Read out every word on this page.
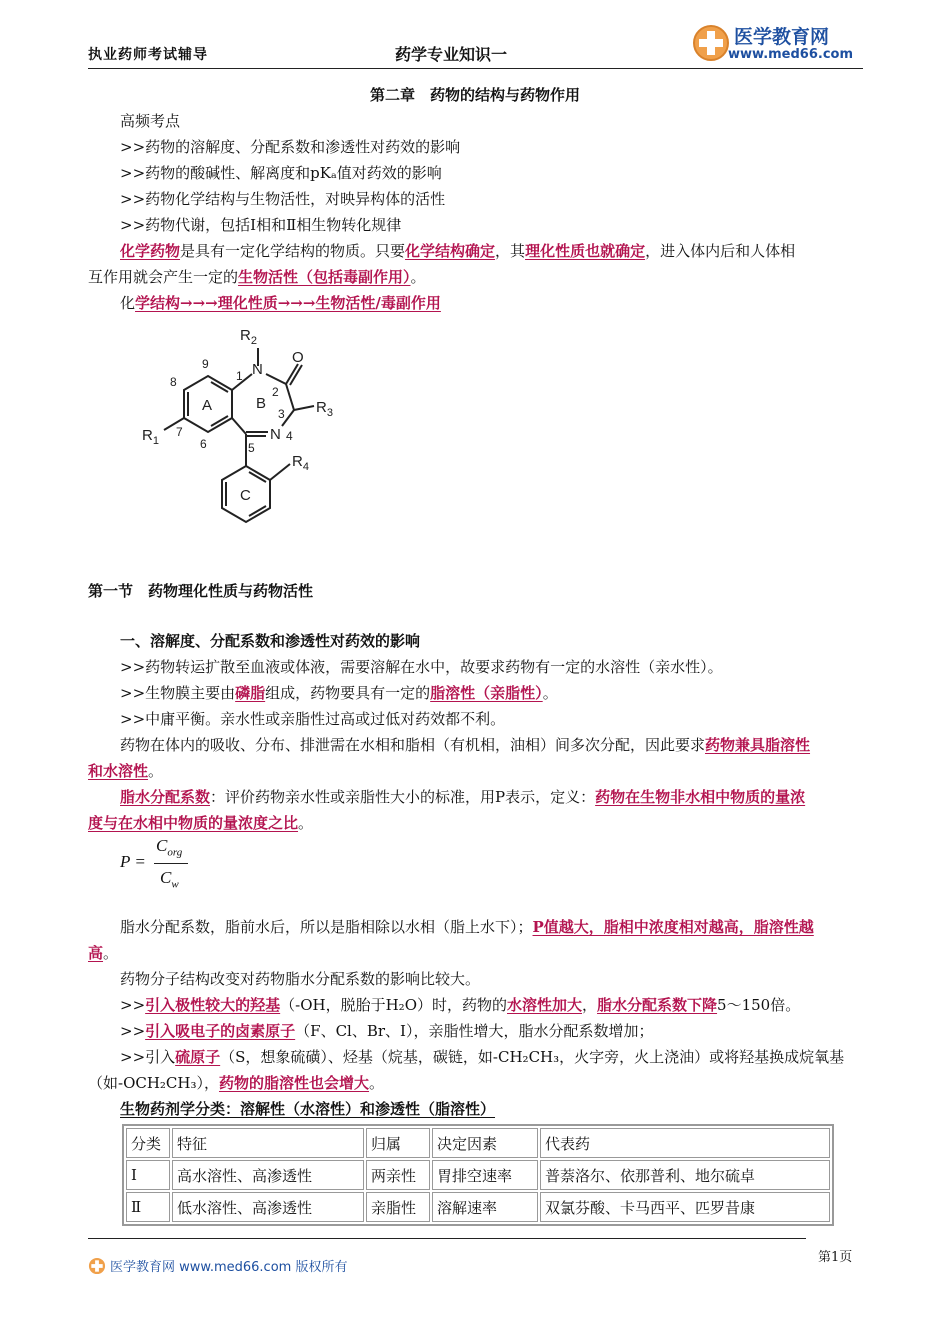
执业药师考试辅导	药学专业知识一
医学教育网
www.med66.com
第二章　药物的结构与药物作用
高频考点
>>药物的溶解度、分配系数和渗透性对药效的影响
>>药物的酸碱性、解离度和pKₐ值对药效的影响
>>药物化学结构与生物活性，对映异构体的活性
>>药物代谢，包括Ⅰ相和Ⅱ相生物转化规律
化学药物是具有一定化学结构的物质。只要化学结构确定，其理化性质也就确定，进入体内后和人体相
互作用就会产生一定的生物活性（包括毒副作用）。
化学结构→→→理化性质→→→生物活性/毒副作用
N
O
N
$R_2$
$R_3$
$R_1$
$R_4$
A	B
C
1
2
3
4
5
6
7
8
9
第一节　药物理化性质与药物活性
一、溶解度、分配系数和渗透性对药效的影响
>>药物转运扩散至血液或体液，需要溶解在水中，故要求药物有一定的水溶性（亲水性）。
>>生物膜主要由磷脂组成，药物要具有一定的脂溶性（亲脂性）。
>>中庸平衡。亲水性或亲脂性过高或过低对药效都不利。
药物在体内的吸收、分布、排泄需在水相和脂相（有机相，油相）间多次分配，因此要求药物兼具脂溶性
和水溶性。
脂水分配系数：评价药物亲水性或亲脂性大小的标准，用P表示，定义：药物在生物非水相中物质的量浓
度与在水相中物质的量浓度之比。
P =
$C_{org}$
$C_w$
脂水分配系数，脂前水后，所以是脂相除以水相（脂上水下）；P值越大，脂相中浓度相对越高，脂溶性越
高。
药物分子结构改变对药物脂水分配系数的影响比较大。
>>引入极性较大的羟基（-OH，脱胎于H₂O）时，药物的水溶性加大，脂水分配系数下降5～150倍。
>>引入吸电子的卤素原子（F、Cl、Br、I），亲脂性增大，脂水分配系数增加；
>>引入硫原子（S，想象硫磺）、烃基（烷基，碳链，如-CH₂CH₃，火字旁，火上浇油）或将羟基换成烷氧基
（如-OCH₂CH₃），药物的脂溶性也会增大。
生物药剂学分类：溶解性（水溶性）和渗透性（脂溶性）
分类	特征	归属	决定因素	代表药
Ⅰ	高水溶性、高渗透性	两亲性	胃排空速率	普萘洛尔、依那普利、地尔硫卓
Ⅱ	低水溶性、高渗透性	亲脂性	溶解速率	双氯芬酸、卡马西平、匹罗昔康
医学教育网 www.med66.com 版权所有
第1页
